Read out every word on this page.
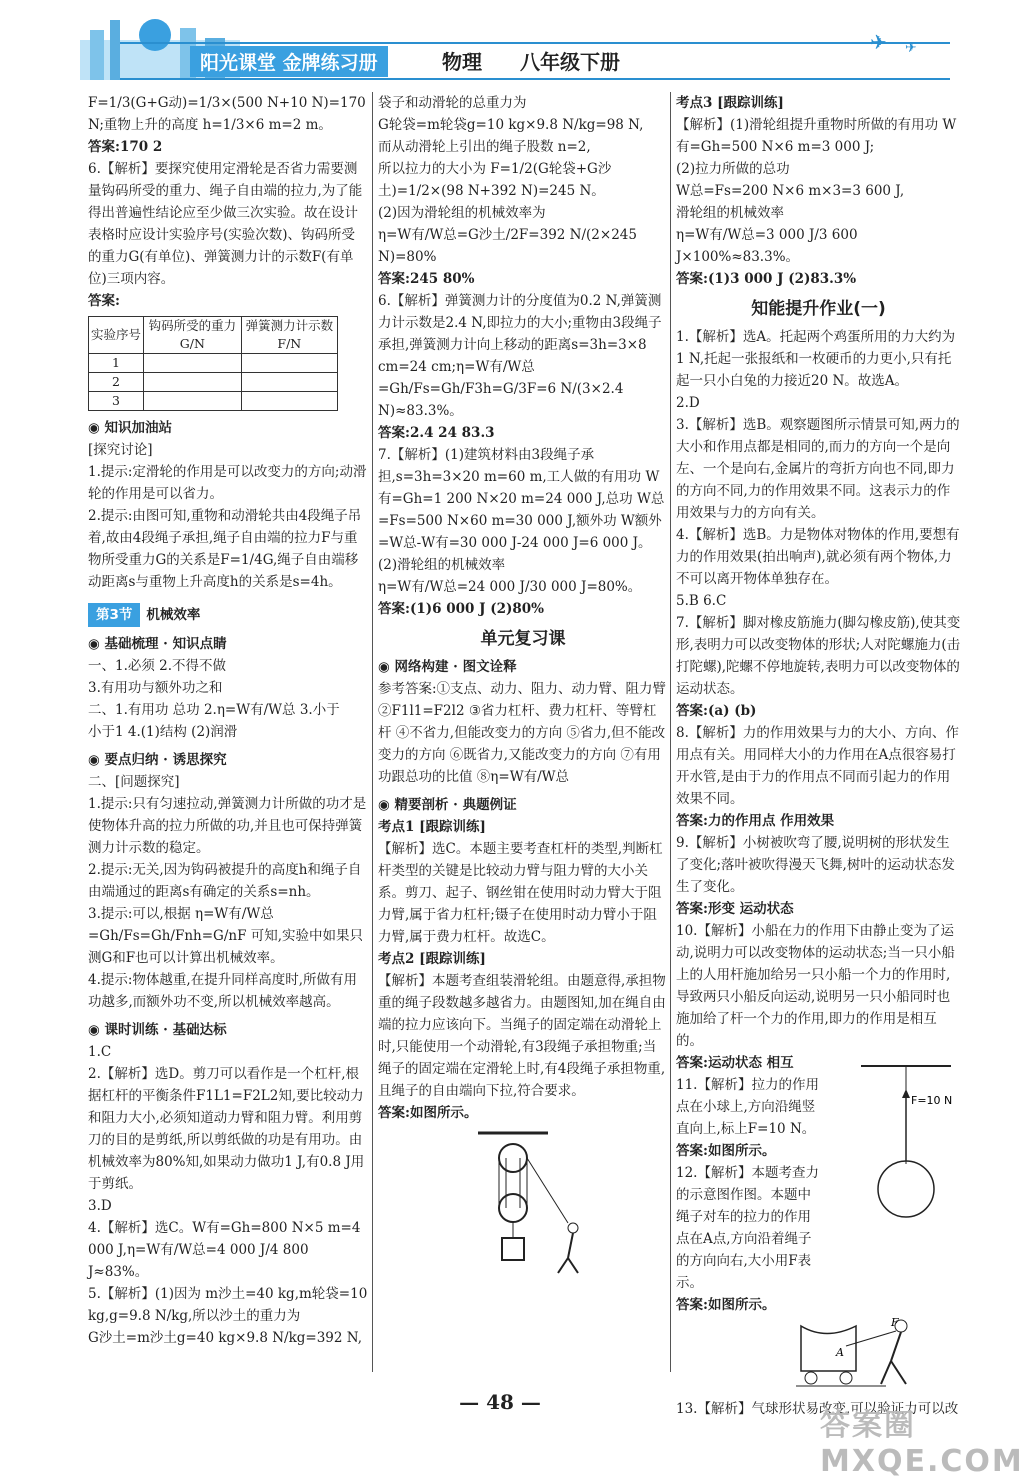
阳光课堂 金牌练习册	物理 八年级下册
✈ ✈

F=1/3(G+G动)=1/3×(500 N+10 N)=170 N;重物上升的高度 h=1/3×6 m=2 m。

答案:170 2

6.【解析】要探究使用定滑轮是否省力需要测量钩码所受的重力、绳子自由端的拉力,为了能得出普遍性结论应至少做三次实验。故在设计表格时应设计实验序号(实验次数)、钩码所受的重力G(有单位)、弹簧测力计的示数F(有单位)三项内容。

答案:

实验序号	钩码所受的重力G/N	弹簧测力计示数F/N
1		
2		
3		

◉ 知识加油站

[探究讨论]

1.提示:定滑轮的作用是可以改变力的方向;动滑轮的作用是可以省力。

2.提示:由图可知,重物和动滑轮共由4段绳子吊着,故由4段绳子承担,绳子自由端的拉力F与重物所受重力G的关系是F=1/4G,绳子自由端移动距离s与重物上升高度h的关系是s=4h。

第3节 机械效率

◉ 基础梳理 · 知识点睛

一、1.必须 2.不得不做

3.有用功与额外功之和

二、1.有用功 总功 2.η=W有/W总 3.小于

小于1 4.(1)结构 (2)润滑

◉ 要点归纳 · 诱思探究

二、[问题探究]

1.提示:只有匀速拉动,弹簧测力计所做的功才是使物体升高的拉力所做的功,并且也可保持弹簧测力计示数的稳定。

2.提示:无关,因为钩码被提升的高度h和绳子自由端通过的距离s有确定的关系s=nh。

3.提示:可以,根据 η=W有/W总=Gh/Fs=Gh/Fnh=G/nF 可知,实验中如果只测G和F也可以计算出机械效率。

4.提示:物体越重,在提升同样高度时,所做有用功越多,而额外功不变,所以机械效率越高。

◉ 课时训练 · 基础达标

1.C

2.【解析】选D。剪刀可以看作是一个杠杆,根据杠杆的平衡条件F1L1=F2L2知,要比较动力和阻力大小,必须知道动力臂和阻力臂。利用剪刀的目的是剪纸,所以剪纸做的功是有用功。由机械效率为80%知,如果动力做功1 J,有0.8 J用于剪纸。

3.D

4.【解析】选C。W有=Gh=800 N×5 m=4 000 J,η=W有/W总=4 000 J/4 800 J≈83%。

5.【解析】(1)因为 m沙土=40 kg,m轮袋=10 kg,g=9.8 N/kg,所以沙土的重力为

G沙土=m沙土g=40 kg×9.8 N/kg=392 N,

袋子和动滑轮的总重力为

G轮袋=m轮袋g=10 kg×9.8 N/kg=98 N,

而从动滑轮上引出的绳子股数 n=2,

所以拉力的大小为 F=1/2(G轮袋+G沙土)=1/2×(98 N+392 N)=245 N。

(2)因为滑轮组的机械效率为

η=W有/W总=G沙土/2F=392 N/(2×245 N)=80%

答案:245 80%

6.【解析】弹簧测力计的分度值为0.2 N,弹簧测力计示数是2.4 N,即拉力的大小;重物由3段绳子承担,弹簧测力计向上移动的距离s=3h=3×8 cm=24 cm;η=W有/W总=Gh/Fs=Gh/F3h=G/3F=6 N/(3×2.4 N)≈83.3%。

答案:2.4 24 83.3

7.【解析】(1)建筑材料由3段绳子承担,s=3h=3×20 m=60 m,工人做的有用功 W有=Gh=1 200 N×20 m=24 000 J,总功 W总=Fs=500 N×60 m=30 000 J,额外功 W额外=W总-W有=30 000 J-24 000 J=6 000 J。

(2)滑轮组的机械效率

η=W有/W总=24 000 J/30 000 J=80%。

答案:(1)6 000 J (2)80%

单元复习课

◉ 网络构建 · 图文诠释

参考答案:①支点、动力、阻力、动力臂、阻力臂 ②F1l1=F2l2 ③省力杠杆、费力杠杆、等臂杠杆 ④不省力,但能改变力的方向 ⑤省力,但不能改变力的方向 ⑥既省力,又能改变力的方向 ⑦有用功跟总功的比值 ⑧η=W有/W总

◉ 精要剖析 · 典题例证

考点1 [跟踪训练]

【解析】选C。本题主要考查杠杆的类型,判断杠杆类型的关键是比较动力臂与阻力臂的大小关系。剪刀、起子、钢丝钳在使用时动力臂大于阻力臂,属于省力杠杆;镊子在使用时动力臂小于阻力臂,属于费力杠杆。故选C。

考点2 [跟踪训练]

【解析】本题考查组装滑轮组。由题意得,承担物重的绳子段数越多越省力。由题图知,加在绳自由端的拉力应该向下。当绳子的固定端在动滑轮上时,只能使用一个动滑轮,有3段绳子承担物重;当绳子的固定端在定滑轮上时,有4段绳子承担物重,且绳子的自由端向下拉,符合要求。

答案:如图所示。

考点3 [跟踪训练]

【解析】(1)滑轮组提升重物时所做的有用功 W有=Gh=500 N×6 m=3 000 J;

(2)拉力所做的总功

W总=Fs=200 N×6 m×3=3 600 J,

滑轮组的机械效率

η=W有/W总=3 000 J/3 600 J×100%≈83.3%。

答案:(1)3 000 J (2)83.3%

知能提升作业(一)

1.【解析】选A。托起两个鸡蛋所用的力大约为1 N,托起一张报纸和一枚硬币的力更小,只有托起一只小白兔的力接近20 N。故选A。

2.D

3.【解析】选B。观察题图所示情景可知,两力的大小和作用点都是相同的,而力的方向一个是向左、一个是向右,金属片的弯折方向也不同,即力的方向不同,力的作用效果不同。这表示力的作用效果与力的方向有关。

4.【解析】选B。力是物体对物体的作用,要想有力的作用效果(拍出响声),就必须有两个物体,力不可以离开物体单独存在。

5.B 6.C

7.【解析】脚对橡皮筋施力(脚勾橡皮筋),使其变形,表明力可以改变物体的形状;人对陀螺施力(击打陀螺),陀螺不停地旋转,表明力可以改变物体的运动状态。

答案:(a) (b)

8.【解析】力的作用效果与力的大小、方向、作用点有关。用同样大小的力作用在A点很容易打开水管,是由于力的作用点不同而引起力的作用效果不同。

答案:力的作用点 作用效果

9.【解析】小树被吹弯了腰,说明树的形状发生了变化;落叶被吹得漫天飞舞,树叶的运动状态发生了变化。

答案:形变 运动状态

10.【解析】小船在力的作用下由静止变为了运动,说明力可以改变物体的运动状态;当一只小船上的人用杆施加给另一只小船一个力的作用时,导致两只小船反向运动,说明另一只小船同时也施加给了杆一个力的作用,即力的作用是相互的。

答案:运动状态 相互

11.【解析】拉力的作用点在小球上,方向沿绳竖直向上,标上F=10 N。

答案:如图所示。

F=10 N

12.【解析】本题考查力的示意图作图。本题中绳子对车的拉力的作用点在A点,方向沿着绳子的方向向右,大小用F表示。

答案:如图所示。

F
A

13.【解析】气球形状易改变,可以验证力可以改

— 48 —
答案圈 MXQE.COM
